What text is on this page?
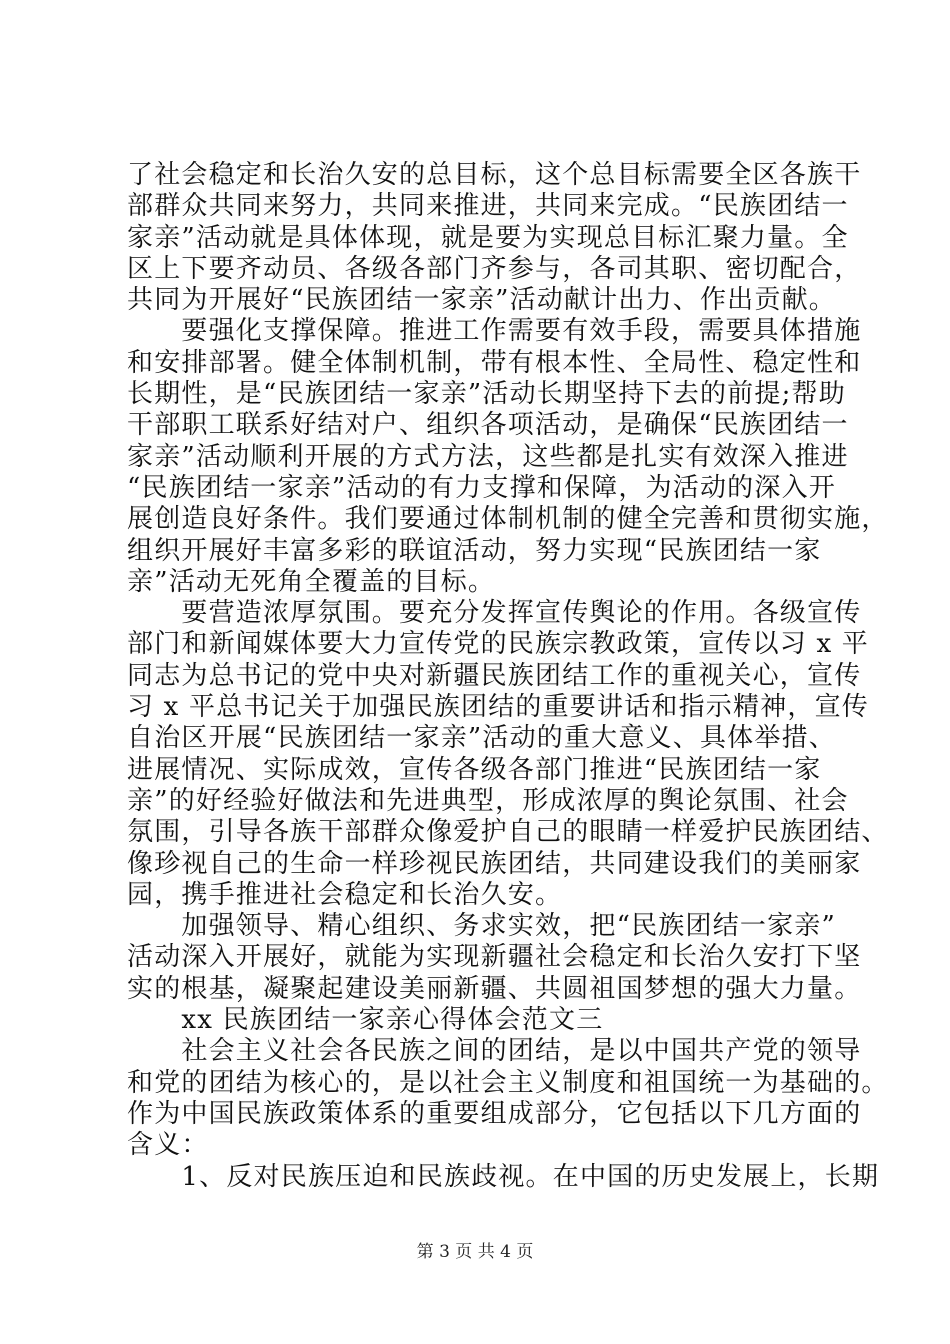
了社会稳定和长治久安的总目标，这个总目标需要全区各族干
部群众共同来努力，共同来推进，共同来完成。“民族团结一
家亲”活动就是具体体现，就是要为实现总目标汇聚力量。全
区上下要齐动员、各级各部门齐参与，各司其职、密切配合，
共同为开展好“民族团结一家亲”活动献计出力、作出贡献。
　　要强化支撑保障。推进工作需要有效手段，需要具体措施
和安排部署。健全体制机制，带有根本性、全局性、稳定性和
长期性，是“民族团结一家亲”活动长期坚持下去的前提;帮助
干部职工联系好结对户、组织各项活动，是确保“民族团结一
家亲”活动顺利开展的方式方法，这些都是扎实有效深入推进
“民族团结一家亲”活动的有力支撑和保障，为活动的深入开
展创造良好条件。我们要通过体制机制的健全完善和贯彻实施，
组织开展好丰富多彩的联谊活动，努力实现“民族团结一家
亲”活动无死角全覆盖的目标。
　　要营造浓厚氛围。要充分发挥宣传舆论的作用。各级宣传
部门和新闻媒体要大力宣传党的民族宗教政策，宣传以习 x 平
同志为总书记的党中央对新疆民族团结工作的重视关心，宣传
习 x 平总书记关于加强民族团结的重要讲话和指示精神，宣传
自治区开展“民族团结一家亲”活动的重大意义、具体举措、
进展情况、实际成效，宣传各级各部门推进“民族团结一家
亲”的好经验好做法和先进典型，形成浓厚的舆论氛围、社会
氛围，引导各族干部群众像爱护自己的眼睛一样爱护民族团结、
像珍视自己的生命一样珍视民族团结，共同建设我们的美丽家
园，携手推进社会稳定和长治久安。
　　加强领导、精心组织、务求实效，把“民族团结一家亲”
活动深入开展好，就能为实现新疆社会稳定和长治久安打下坚
实的根基，凝聚起建设美丽新疆、共圆祖国梦想的强大力量。
　　xx 民族团结一家亲心得体会范文三
　　社会主义社会各民族之间的团结，是以中国共产党的领导
和党的团结为核心的，是以社会主义制度和祖国统一为基础的。
作为中国民族政策体系的重要组成部分，它包括以下几方面的
含义：
　　1、反对民族压迫和民族歧视。在中国的历史发展上，长期
第 3 页 共 4 页
